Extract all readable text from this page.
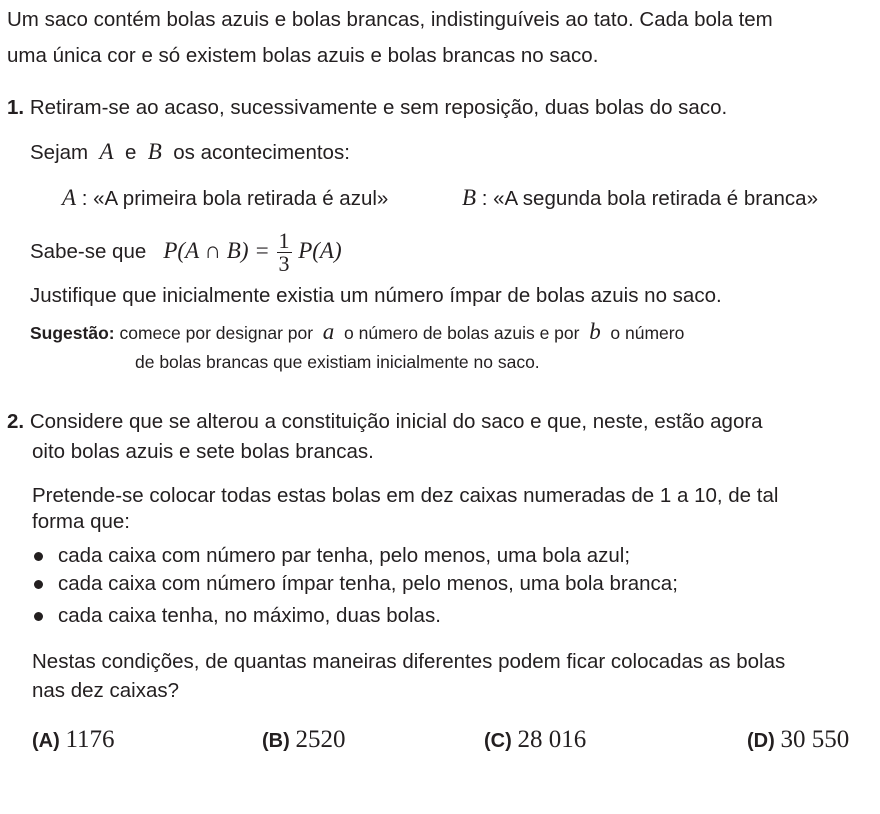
Um saco contém bolas azuis e bolas brancas, indistinguíveis ao tato. Cada bola tem
uma única cor e só existem bolas azuis e bolas brancas no saco.
1. Retiram-se ao acaso, sucessivamente e sem reposição, duas bolas do saco.
Sejam A e B os acontecimentos:
A : «A primeira bola retirada é azul»	B : «A segunda bola retirada é branca»
Sabe-se que P(A ∩ $B) = \frac{1}{3} P(A)$
Justifique que inicialmente existia um número ímpar de bolas azuis no saco.
Sugestão: comece por designar por a o número de bolas azuis e por b o número
de bolas brancas que existiam inicialmente no saco.
2. Considere que se alterou a constituição inicial do saco e que, neste, estão agora
oito bolas azuis e sete bolas brancas.
Pretende-se colocar todas estas bolas em dez caixas numeradas de 1 a 10, de tal
forma que:
cada caixa com número par tenha, pelo menos, uma bola azul;
cada caixa com número ímpar tenha, pelo menos, uma bola branca;
cada caixa tenha, no máximo, duas bolas.
Nestas condições, de quantas maneiras diferentes podem ficar colocadas as bolas
nas dez caixas?
(A) 1176	(B) 2520	(C) 28 016	(D) 30 550
